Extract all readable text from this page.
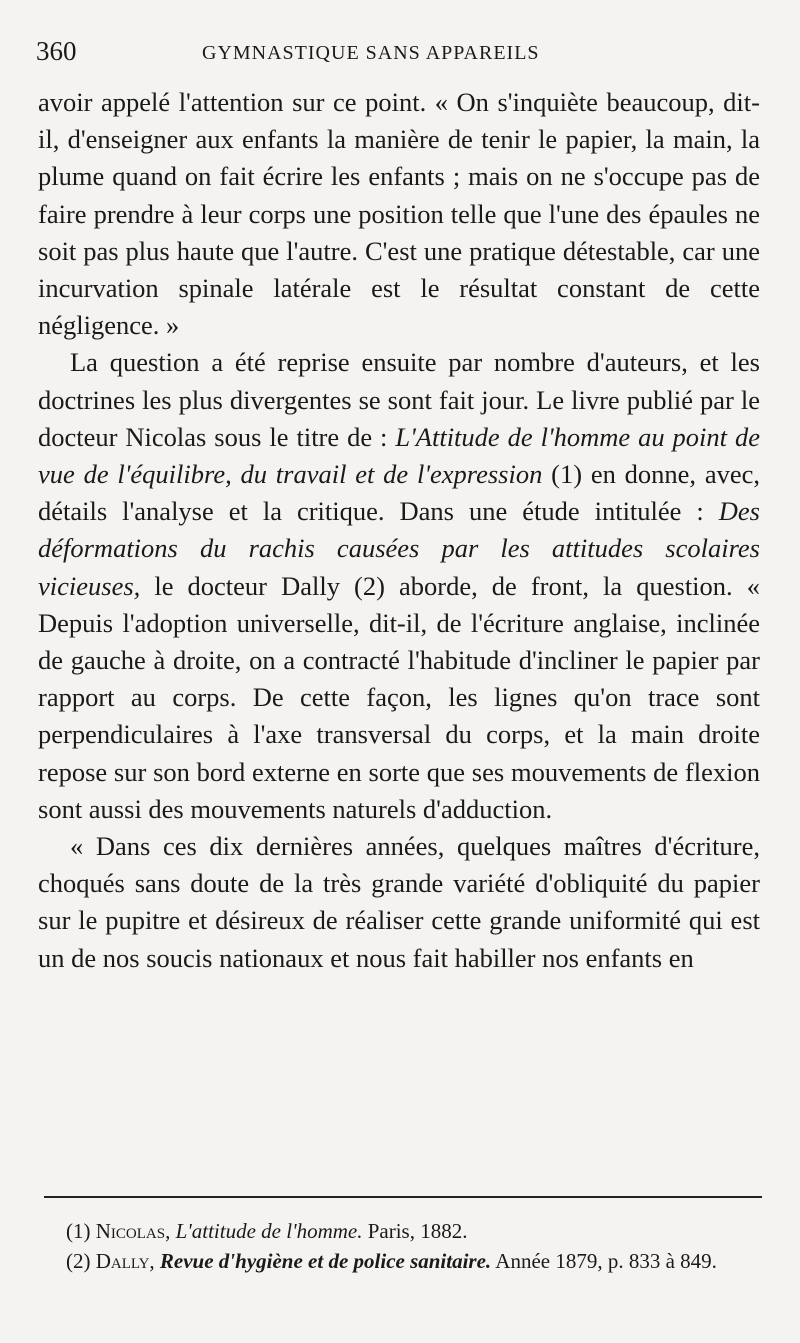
360	GYMNASTIQUE SANS APPAREILS

avoir appelé l'attention sur ce point. « On s'inquiète beaucoup, dit-il, d'enseigner aux enfants la manière de tenir le papier, la main, la plume quand on fait écrire les enfants ; mais on ne s'occupe pas de faire prendre à leur corps une position telle que l'une des épaules ne soit pas plus haute que l'autre. C'est une pratique détestable, car une incurvation spinale latérale est le résultat constant de cette négligence. »

La question a été reprise ensuite par nombre d'auteurs, et les doctrines les plus divergentes se sont fait jour. Le livre publié par le docteur Nicolas sous le titre de : L'Attitude de l'homme au point de vue de l'équilibre, du travail et de l'expression (1) en donne, avec, détails l'analyse et la critique. Dans une étude intitulée : Des déformations du rachis causées par les attitudes scolaires vicieuses, le docteur Dally (2) aborde, de front, la question. « Depuis l'adoption universelle, dit-il, de l'écriture anglaise, inclinée de gauche à droite, on a contracté l'habitude d'incliner le papier par rapport au corps. De cette façon, les lignes qu'on trace sont perpendiculaires à l'axe transversal du corps, et la main droite repose sur son bord externe en sorte que ses mouvements de flexion sont aussi des mouvements naturels d'adduction.

« Dans ces dix dernières années, quelques maîtres d'écriture, choqués sans doute de la très grande variété d'obliquité du papier sur le pupitre et désireux de réaliser cette grande uniformité qui est un de nos soucis nationaux et nous fait habiller nos enfants en

(1) Nicolas, L'attitude de l'homme. Paris, 1882.

(2) Dally, Revue d'hygiène et de police sanitaire. Année 1879, p. 833 à 849.
